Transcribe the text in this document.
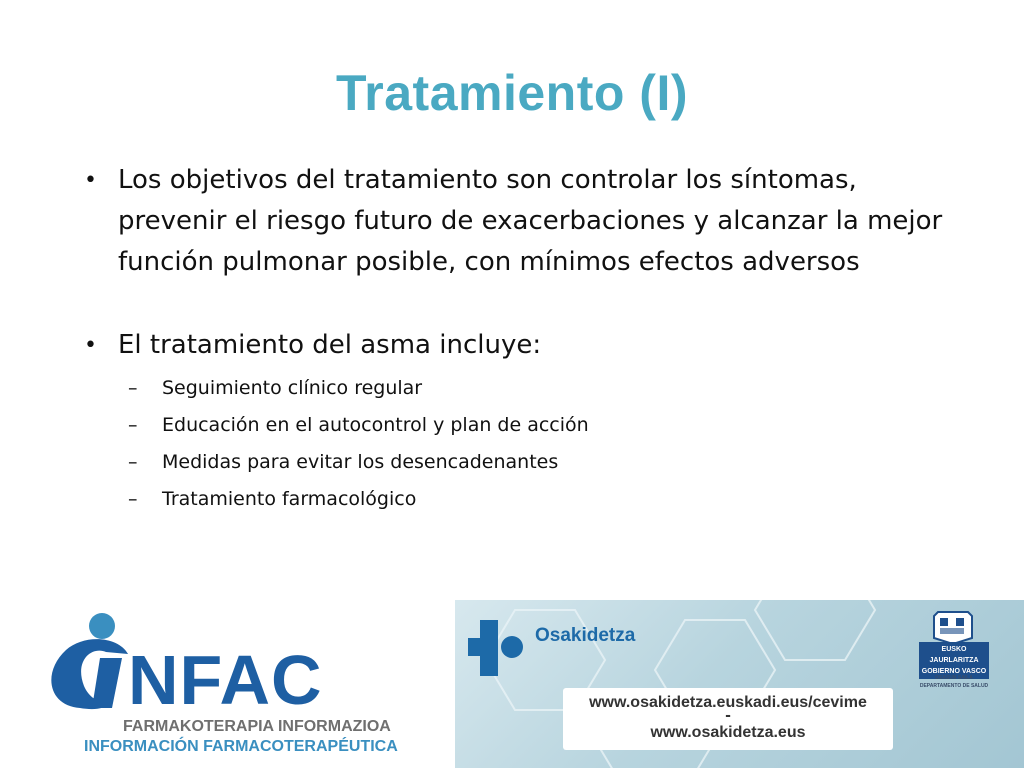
Tratamiento (I)
• Los objetivos del tratamiento son controlar los síntomas, prevenir el riesgo futuro de exacerbaciones y alcanzar la mejor función pulmonar posible, con mínimos efectos adversos
• El tratamiento del asma incluye:
– Seguimiento clínico regular
– Educación en el autocontrol y plan de acción
– Medidas para evitar los desencadenantes
– Tratamiento farmacológico
NFAC
FARMAKOTERAPIA INFORMAZIOA
INFORMACIÓN FARMACOTERAPÉUTICA
Osakidetza
www.osakidetza.euskadi.eus/cevime
-
www.osakidetza.eus
EUSKO JAURLARITZA
GOBIERNO VASCO
OSASUN SAILA
DEPARTAMENTO DE SALUD
